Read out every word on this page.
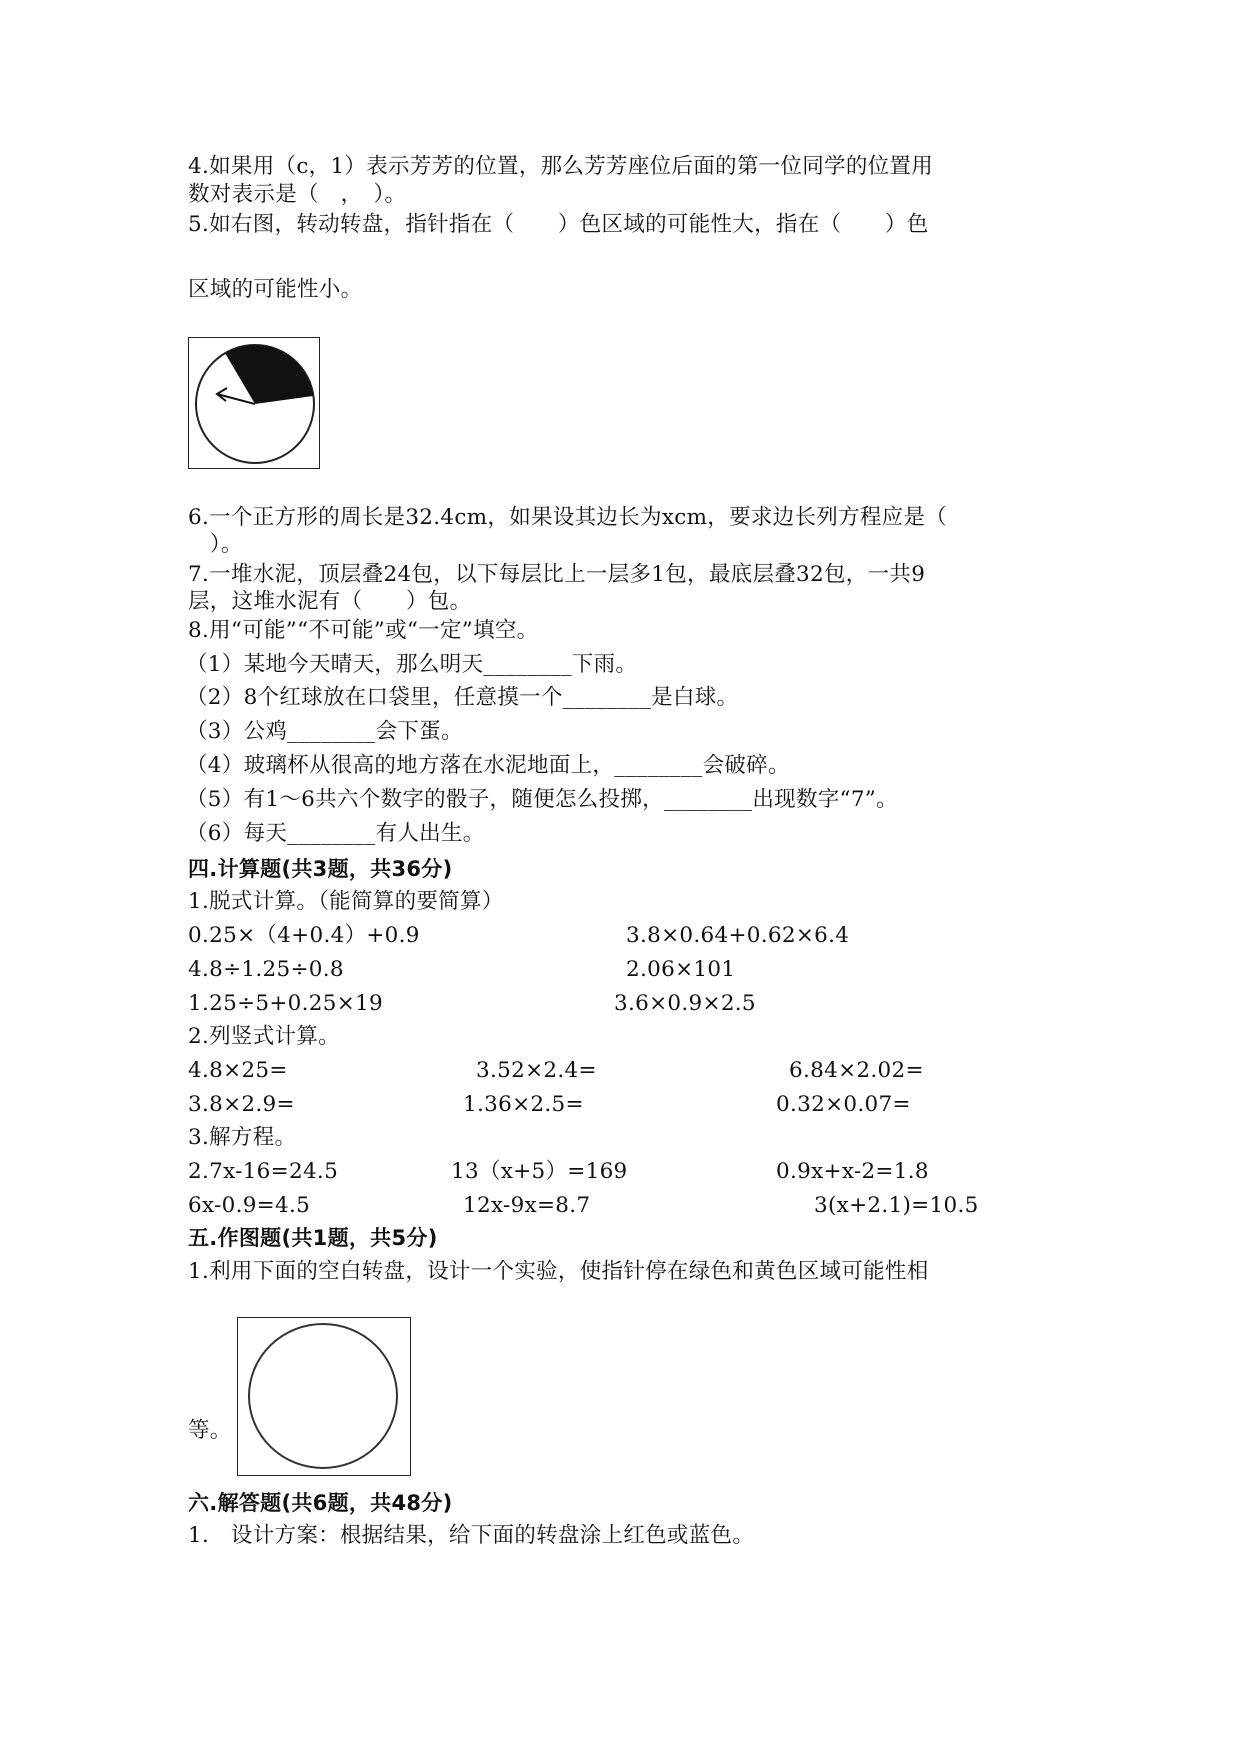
4.如果用（c，1）表示芳芳的位置，那么芳芳座位后面的第一位同学的位置用
数对表示是（　，　）。
5.如右图，转动转盘，指针指在（　　）色区域的可能性大，指在（　　）色
区域的可能性小。
6.一个正方形的周长是32.4cm，如果设其边长为xcm，要求边长列方程应是（
　）。
7.一堆水泥，顶层叠24包，以下每层比上一层多1包，最底层叠32包，一共9
层，这堆水泥有（　　）包。
8.用“可能”“不可能”或“一定”填空。
（1）某地今天晴天，那么明天________下雨。
（2）8个红球放在口袋里，任意摸一个________是白球。
（3）公鸡________会下蛋。
（4）玻璃杯从很高的地方落在水泥地面上，________会破碎。
（5）有1～6共六个数字的骰子，随便怎么投掷，________出现数字“7”。
（6）每天________有人出生。
四.计算题(共3题，共36分)
1.脱式计算。（能简算的要简算）
0.25×（4+0.4）+0.9	3.8×0.64+0.62×6.4
4.8÷1.25÷0.8	2.06×101
1.25÷5+0.25×19	3.6×0.9×2.5
2.列竖式计算。
4.8×25=	3.52×2.4=	6.84×2.02=
3.8×2.9=	1.36×2.5=	0.32×0.07=
3.解方程。
2.7x-16=24.5	13（x+5）=169	0.9x+x-2=1.8
6x-0.9=4.5	12x-9x=8.7	3(x+2.1)=10.5
五.作图题(共1题，共5分)
1.利用下面的空白转盘，设计一个实验，使指针停在绿色和黄色区域可能性相
等。
六.解答题(共6题，共48分)
1.　设计方案：根据结果，给下面的转盘涂上红色或蓝色。
